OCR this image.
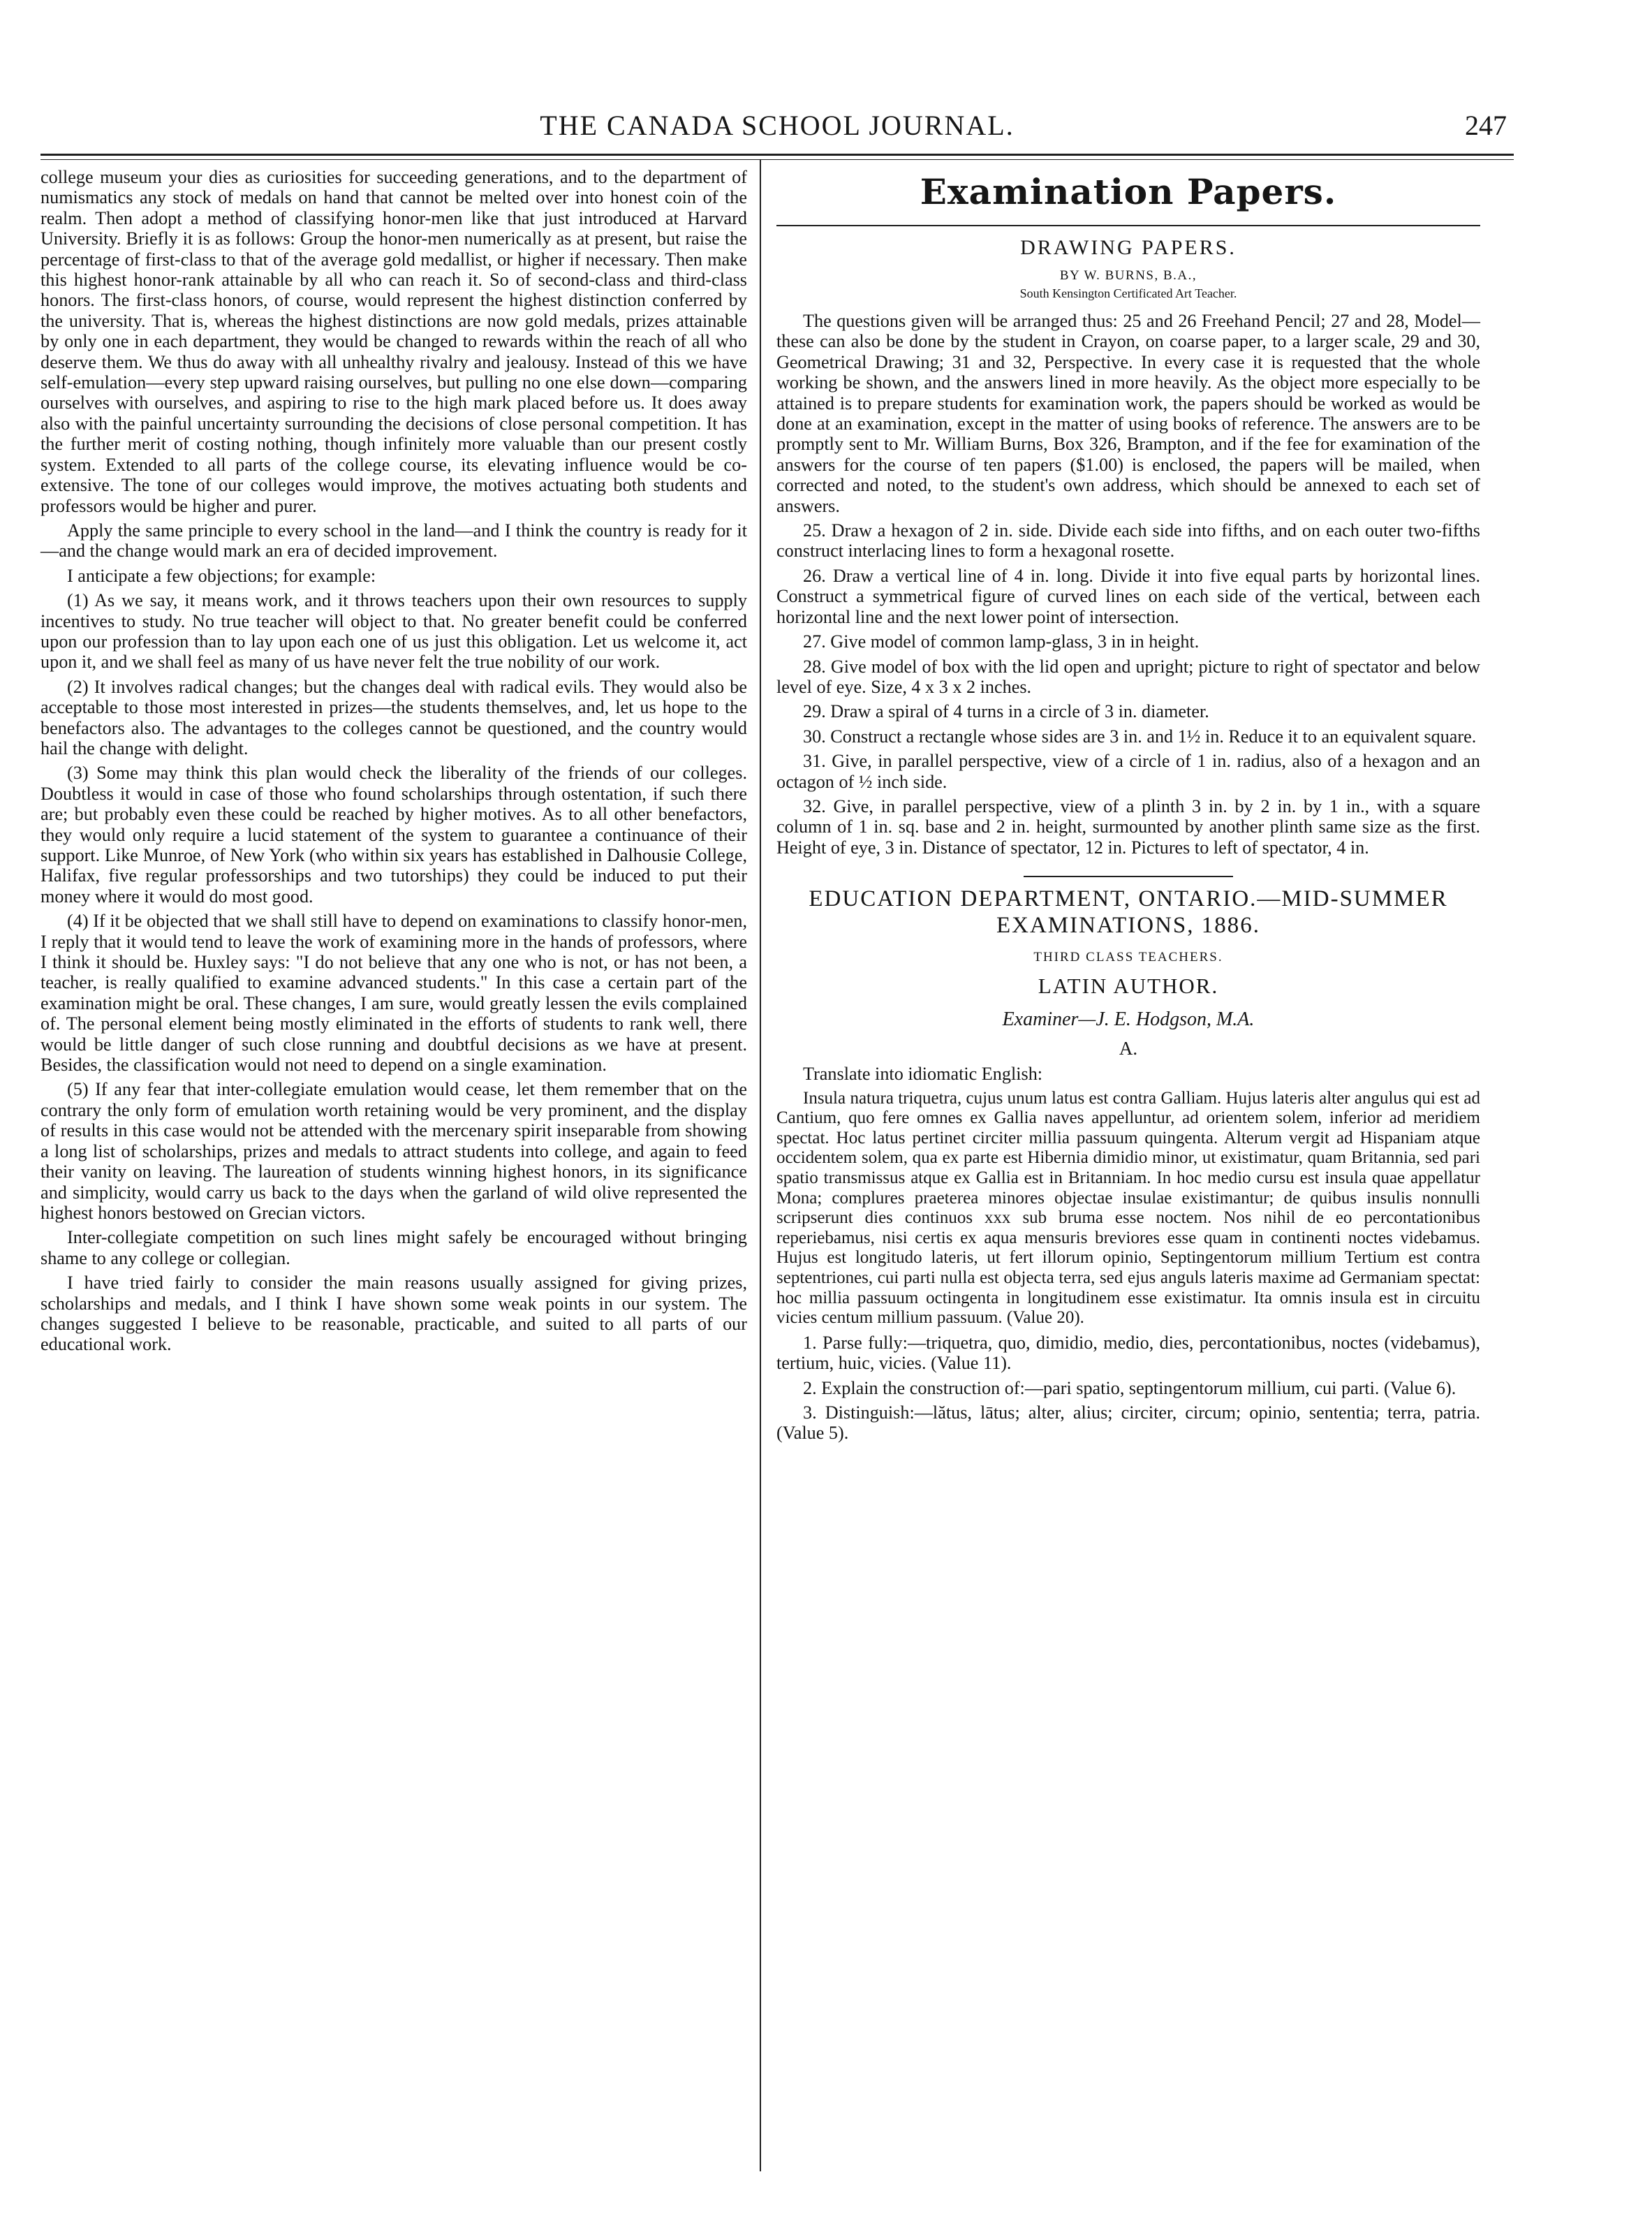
THE CANADA SCHOOL JOURNAL.	247

college museum your dies as curiosities for succeeding generations, and to the department of numismatics any stock of medals on hand that cannot be melted over into honest coin of the realm. Then adopt a method of classifying honor-men like that just introduced at Harvard University. Briefly it is as follows: Group the honor-men numerically as at present, but raise the percentage of first-class to that of the average gold medallist, or higher if necessary. Then make this highest honor-rank attainable by all who can reach it. So of second-class and third-class honors. The first-class honors, of course, would represent the highest distinction conferred by the university. That is, whereas the highest distinctions are now gold medals, prizes attainable by only one in each department, they would be changed to rewards within the reach of all who deserve them. We thus do away with all unhealthy rivalry and jealousy. Instead of this we have self-emulation—every step upward raising ourselves, but pulling no one else down—comparing ourselves with ourselves, and aspiring to rise to the high mark placed before us. It does away also with the painful uncertainty surrounding the decisions of close personal competition. It has the further merit of costing nothing, though infinitely more valuable than our present costly system. Extended to all parts of the college course, its elevating influence would be co-extensive. The tone of our colleges would improve, the motives actuating both students and professors would be higher and purer.

Apply the same principle to every school in the land—and I think the country is ready for it—and the change would mark an era of decided improvement.

I anticipate a few objections; for example:

(1) As we say, it means work, and it throws teachers upon their own resources to supply incentives to study. No true teacher will object to that. No greater benefit could be conferred upon our profession than to lay upon each one of us just this obligation. Let us welcome it, act upon it, and we shall feel as many of us have never felt the true nobility of our work.

(2) It involves radical changes; but the changes deal with radical evils. They would also be acceptable to those most interested in prizes—the students themselves, and, let us hope to the benefactors also. The advantages to the colleges cannot be questioned, and the country would hail the change with delight.

(3) Some may think this plan would check the liberality of the friends of our colleges. Doubtless it would in case of those who found scholarships through ostentation, if such there are; but probably even these could be reached by higher motives. As to all other benefactors, they would only require a lucid statement of the system to guarantee a continuance of their support. Like Munroe, of New York (who within six years has established in Dalhousie College, Halifax, five regular professorships and two tutorships) they could be induced to put their money where it would do most good.

(4) If it be objected that we shall still have to depend on examinations to classify honor-men, I reply that it would tend to leave the work of examining more in the hands of professors, where I think it should be. Huxley says: "I do not believe that any one who is not, or has not been, a teacher, is really qualified to examine advanced students." In this case a certain part of the examination might be oral. These changes, I am sure, would greatly lessen the evils complained of. The personal element being mostly eliminated in the efforts of students to rank well, there would be little danger of such close running and doubtful decisions as we have at present. Besides, the classification would not need to depend on a single examination.

(5) If any fear that inter-collegiate emulation would cease, let them remember that on the contrary the only form of emulation worth retaining would be very prominent, and the display of results in this case would not be attended with the mercenary spirit inseparable from showing a long list of scholarships, prizes and medals to attract students into college, and again to feed their vanity on leaving. The laureation of students winning highest honors, in its significance and simplicity, would carry us back to the days when the garland of wild olive represented the highest honors bestowed on Grecian victors.

Inter-collegiate competition on such lines might safely be encouraged without bringing shame to any college or collegian.

I have tried fairly to consider the main reasons usually assigned for giving prizes, scholarships and medals, and I think I have shown some weak points in our system. The changes suggested I believe to be reasonable, practicable, and suited to all parts of our educational work.

Examination Papers.
DRAWING PAPERS.
BY W. BURNS, B.A.,
South Kensington Certificated Art Teacher.

The questions given will be arranged thus: 25 and 26 Freehand Pencil; 27 and 28, Model—these can also be done by the student in Crayon, on coarse paper, to a larger scale, 29 and 30, Geometrical Drawing; 31 and 32, Perspective. In every case it is requested that the whole working be shown, and the answers lined in more heavily. As the object more especially to be attained is to prepare students for examination work, the papers should be worked as would be done at an examination, except in the matter of using books of reference. The answers are to be promptly sent to Mr. William Burns, Box 326, Brampton, and if the fee for examination of the answers for the course of ten papers ($1.00) is enclosed, the papers will be mailed, when corrected and noted, to the student's own address, which should be annexed to each set of answers.

25. Draw a hexagon of 2 in. side. Divide each side into fifths, and on each outer two-fifths construct interlacing lines to form a hexagonal rosette.

26. Draw a vertical line of 4 in. long. Divide it into five equal parts by horizontal lines. Construct a symmetrical figure of curved lines on each side of the vertical, between each horizontal line and the next lower point of intersection.

27. Give model of common lamp-glass, 3 in in height.

28. Give model of box with the lid open and upright; picture to right of spectator and below level of eye. Size, 4 x 3 x 2 inches.

29. Draw a spiral of 4 turns in a circle of 3 in. diameter.

30. Construct a rectangle whose sides are 3 in. and 1½ in. Reduce it to an equivalent square.

31. Give, in parallel perspective, view of a circle of 1 in. radius, also of a hexagon and an octagon of ½ inch side.

32. Give, in parallel perspective, view of a plinth 3 in. by 2 in. by 1 in., with a square column of 1 in. sq. base and 2 in. height, surmounted by another plinth same size as the first. Height of eye, 3 in. Distance of spectator, 12 in. Pictures to left of spectator, 4 in.

EDUCATION DEPARTMENT, ONTARIO.—MID-SUMMER EXAMINATIONS, 1886.
THIRD CLASS TEACHERS.
LATIN AUTHOR.
Examiner—J. E. Hodgson, M.A.
A.

Translate into idiomatic English:

Insula natura triquetra, cujus unum latus est contra Galliam. Hujus lateris alter angulus qui est ad Cantium, quo fere omnes ex Gallia naves appelluntur, ad orientem solem, inferior ad meridiem spectat. Hoc latus pertinet circiter millia passuum quingenta. Alterum vergit ad Hispaniam atque occidentem solem, qua ex parte est Hibernia dimidio minor, ut existimatur, quam Britannia, sed pari spatio transmissus atque ex Gallia est in Britanniam. In hoc medio cursu est insula quae appellatur Mona; complures praeterea minores objectae insulae existimantur; de quibus insulis nonnulli scripserunt dies continuos xxx sub bruma esse noctem. Nos nihil de eo percontationibus reperiebamus, nisi certis ex aqua mensuris breviores esse quam in continenti noctes videbamus. Hujus est longitudo lateris, ut fert illorum opinio, Septingentorum millium Tertium est contra septentriones, cui parti nulla est objecta terra, sed ejus anguls lateris maxime ad Germaniam spectat: hoc millia passuum octingenta in longitudinem esse existimatur. Ita omnis insula est in circuitu vicies centum millium passuum. (Value 20).

1. Parse fully:—triquetra, quo, dimidio, medio, dies, percontationibus, noctes (videbamus), tertium, huic, vicies. (Value 11).

2. Explain the construction of:—pari spatio, septingentorum millium, cui parti. (Value 6).

3. Distinguish:—lătus, lātus; alter, alius; circiter, circum; opinio, sententia; terra, patria. (Value 5).
